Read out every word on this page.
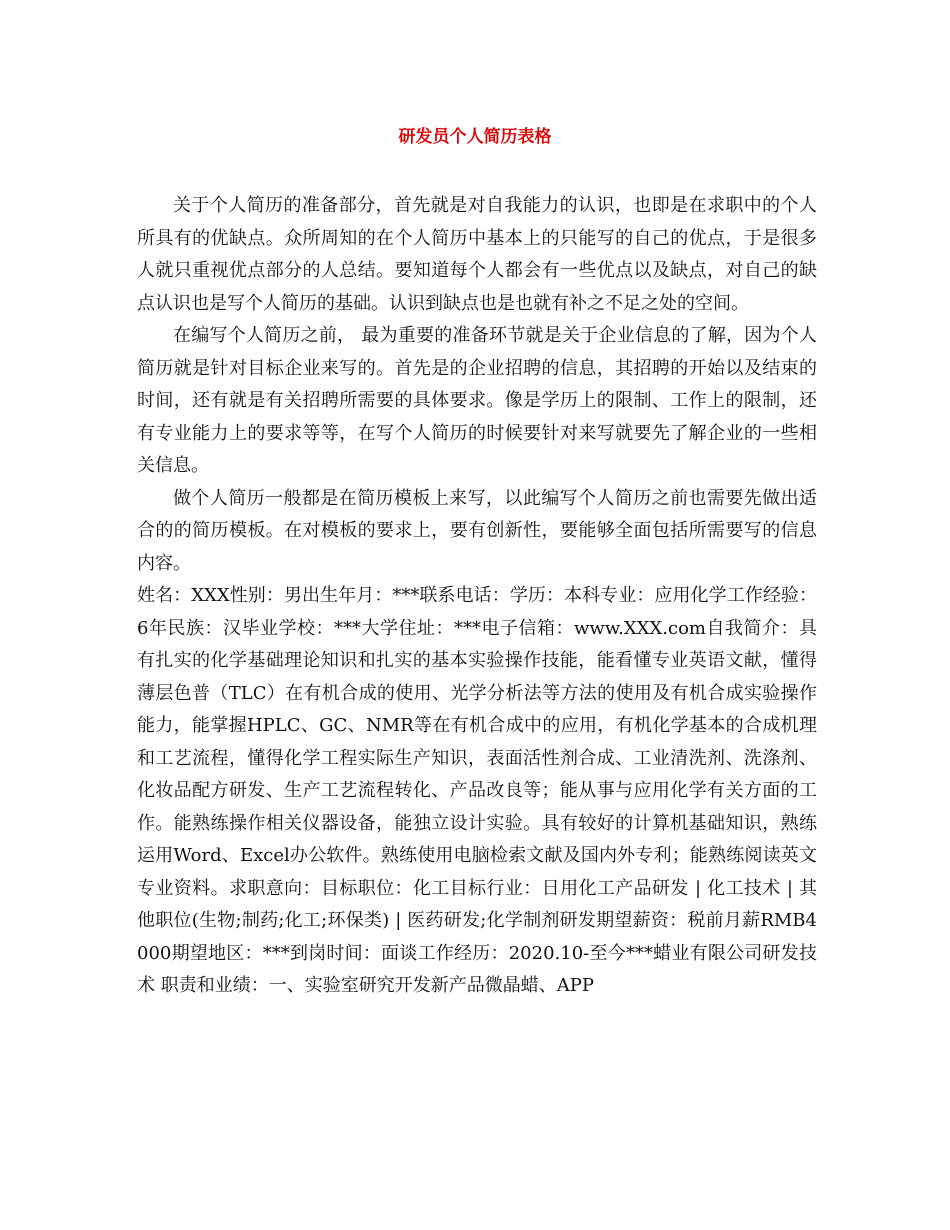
研发员个人简历表格

关于个人简历的准备部分，首先就是对自我能力的认识，也即是在求职中的个人所具有的优缺点。众所周知的在个人简历中基本上的只能写的自己的优点，于是很多人就只重视优点部分的人总结。要知道每个人都会有一些优点以及缺点，对自己的缺点认识也是写个人简历的基础。认识到缺点也是也就有补之不足之处的空间。

在编写个人简历之前， 最为重要的准备环节就是关于企业信息的了解，因为个人简历就是针对目标企业来写的。首先是的企业招聘的信息，其招聘的开始以及结束的时间，还有就是有关招聘所需要的具体要求。像是学历上的限制、工作上的限制，还有专业能力上的要求等等，在写个人简历的时候要针对来写就要先了解企业的一些相关信息。

做个人简历一般都是在简历模板上来写，以此编写个人简历之前也需要先做出适合的的简历模板。在对模板的要求上，要有创新性，要能够全面包括所需要写的信息内容。

姓名：XXX性别：男出生年月：***联系电话：学历：本科专业：应用化学工作经验：6年民族：汉毕业学校：***大学住址：***电子信箱：www.XXX.com自我简介：具有扎实的化学基础理论知识和扎实的基本实验操作技能，能看懂专业英语文献，懂得薄层色普（TLC）在有机合成的使用、光学分析法等方法的使用及有机合成实验操作能力，能掌握HPLC、GC、NMR等在有机合成中的应用，有机化学基本的合成机理和工艺流程，懂得化学工程实际生产知识，表面活性剂合成、工业清洗剂、洗涤剂、化妆品配方研发、生产工艺流程转化、产品改良等；能从事与应用化学有关方面的工作。能熟练操作相关仪器设备，能独立设计实验。具有较好的计算机基础知识，熟练运用Word、Excel办公软件。熟练使用电脑检索文献及国内外专利；能熟练阅读英文专业资料。求职意向：目标职位：化工目标行业：日用化工产品研发 | 化工技术 | 其他职位(生物;制药;化工;环保类) | 医药研发;化学制剂研发期望薪资：税前月薪RMB4000期望地区：***到岗时间：面谈工作经历：2020.10-至今***蜡业有限公司研发技术 职责和业绩：一、实验室研究开发新产品微晶蜡、APP
